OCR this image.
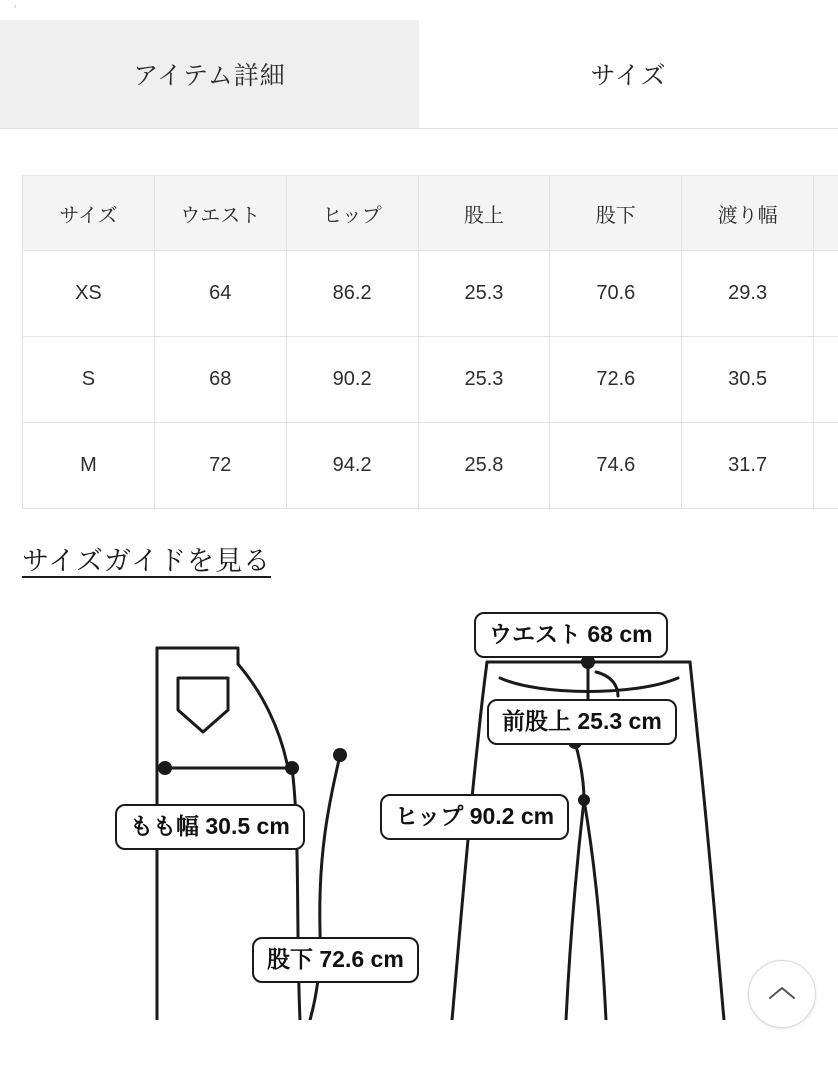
'
アイテム詳細	サイズ
サイズ	ウエスト	ヒップ	股上	股下	渡り幅	
XS	64	86.2	25.3	70.6	29.3	
S	68	90.2	25.3	72.6	30.5	
M	72	94.2	25.8	74.6	31.7	
サイズガイドを見る
ウエスト 68 cm
前股上 25.3 cm
ヒップ 90.2 cm
もも幅 30.5 cm
股下 72.6 cm
